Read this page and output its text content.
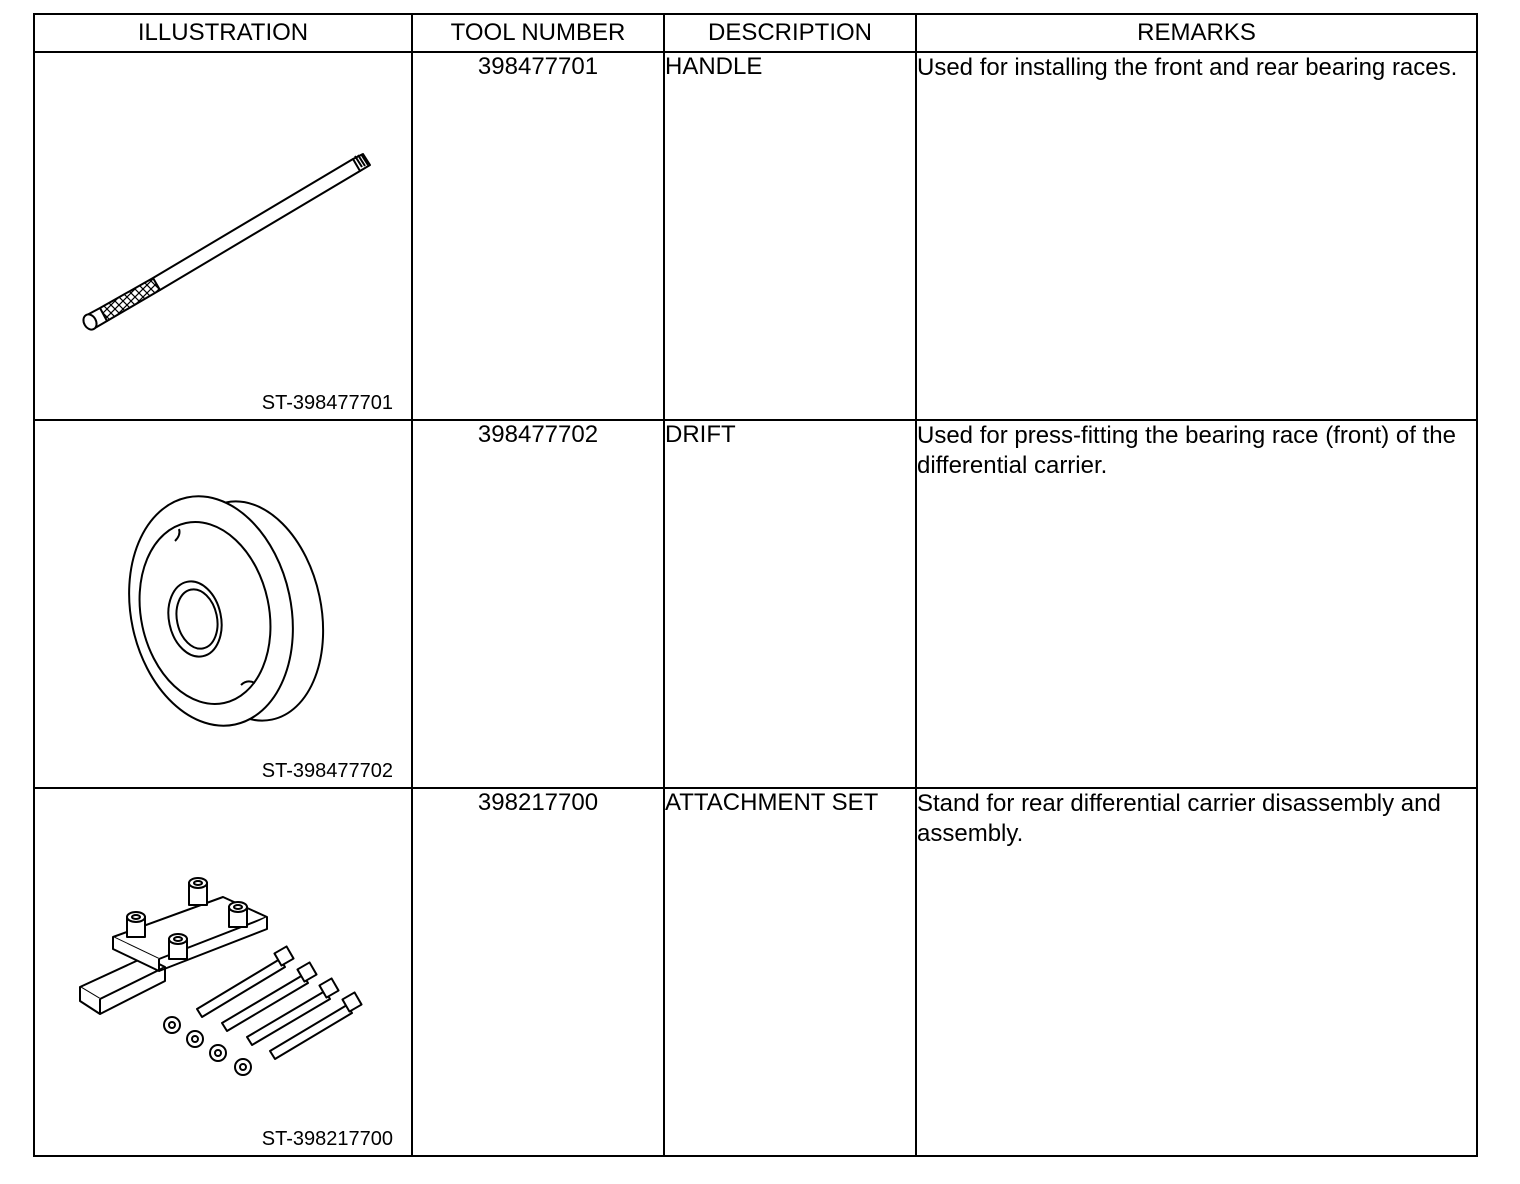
ILLUSTRATION	TOOL NUMBER	DESCRIPTION	REMARKS

ST-398477701	398477701	HANDLE	Used for installing the front and rear bearing races.

ST-398477702	398477702	DRIFT	Used for press-fitting the bearing race (front) of the differential carrier.

ST-398217700	398217700	ATTACHMENT SET	Stand for rear differential carrier disassembly and assembly.
